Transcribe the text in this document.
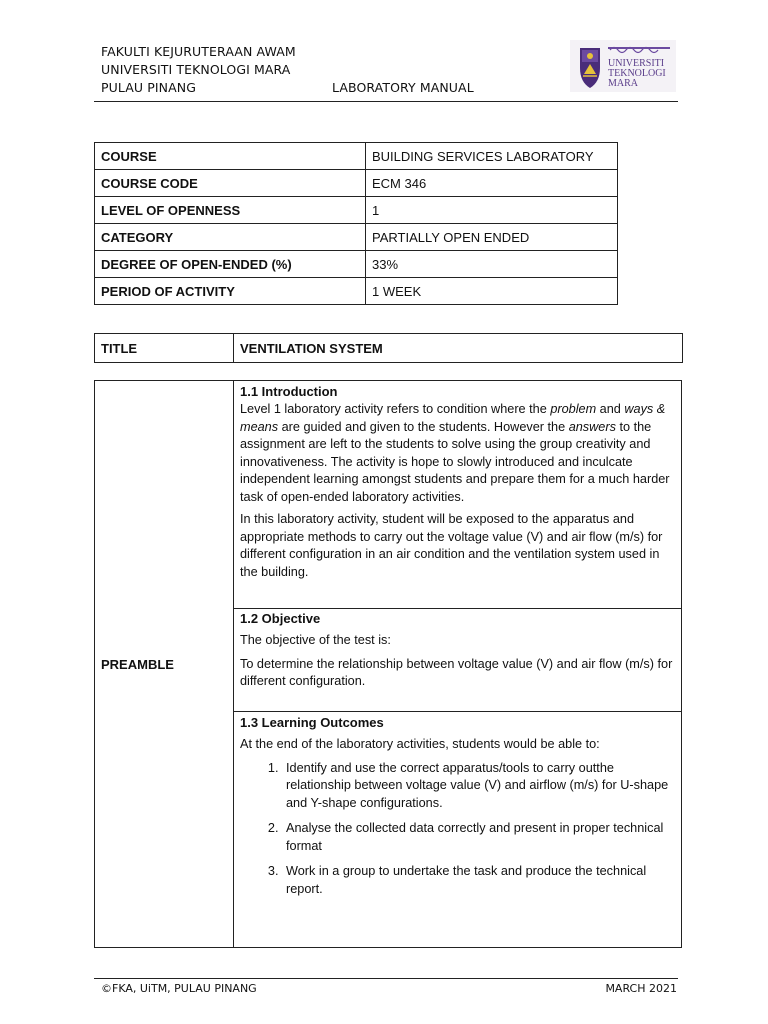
FAKULTI KEJURUTERAAN AWAM
UNIVERSITI TEKNOLOGI MARA
PULAU PINANG	LABORATORY MANUAL
UNIVERSITI
TEKNOLOGI
MARA
COURSE	BUILDING SERVICES LABORATORY
COURSE CODE	ECM 346
LEVEL OF OPENNESS	1
CATEGORY	PARTIALLY OPEN ENDED
DEGREE OF OPEN-ENDED (%)	33%
PERIOD OF ACTIVITY	1 WEEK
TITLE	VENTILATION SYSTEM
PREAMBLE
1.1 Introduction

Level 1 laboratory activity refers to condition where the problem and ways & means are guided and given to the students. However the answers to the assignment are left to the students to solve using the group creativity and innovativeness. The activity is hope to slowly introduced and inculcate independent learning amongst students and prepare them for a much harder task of open-ended laboratory activities.

In this laboratory activity, student will be exposed to the apparatus and appropriate methods to carry out the voltage value (V) and air flow (m/s) for different configuration in an air condition and the ventilation system used in the building.

1.2 Objective

The objective of the test is:

To determine the relationship between voltage value (V) and air flow (m/s) for different configuration.

1.3 Learning Outcomes

At the end of the laboratory activities, students would be able to:

1. Identify and use the correct apparatus/tools to carry outthe relationship between voltage value (V) and airflow (m/s) for U-shape and Y-shape configurations.
2. Analyse the collected data correctly and present in proper technical format
3. Work in a group to undertake the task and produce the technical report.
©FKA, UiTM, PULAU PINANG	MARCH 2021
